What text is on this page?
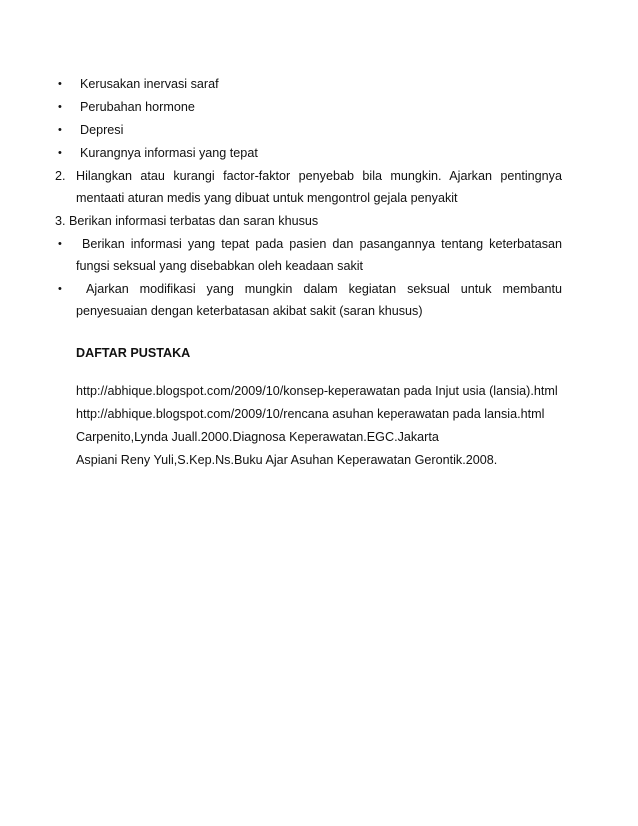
• Kerusakan inervasi saraf
• Perubahan hormone
• Depresi
• Kurangnya informasi yang tepat
2. Hilangkan atau kurangi factor-faktor penyebab bila mungkin. Ajarkan pentingnya
mentaati aturan medis yang dibuat untuk mengontrol gejala penyakit
3. Berikan informasi terbatas dan saran khusus
• Berikan informasi yang tepat pada pasien dan pasangannya tentang keterbatasan
fungsi seksual yang disebabkan oleh keadaan sakit
• Ajarkan modifikasi yang mungkin dalam kegiatan seksual untuk membantu
penyesuaian dengan keterbatasan akibat sakit (saran khusus)
DAFTAR PUSTAKA
http://abhique.blogspot.com/2009/10/konsep-keperawatan pada Injut usia (lansia).html
http://abhique.blogspot.com/2009/10/rencana asuhan keperawatan pada lansia.html
Carpenito,Lynda Juall.2000.Diagnosa Keperawatan.EGC.Jakarta
Aspiani Reny Yuli,S.Kep.Ns.Buku Ajar Asuhan Keperawatan Gerontik.2008.
